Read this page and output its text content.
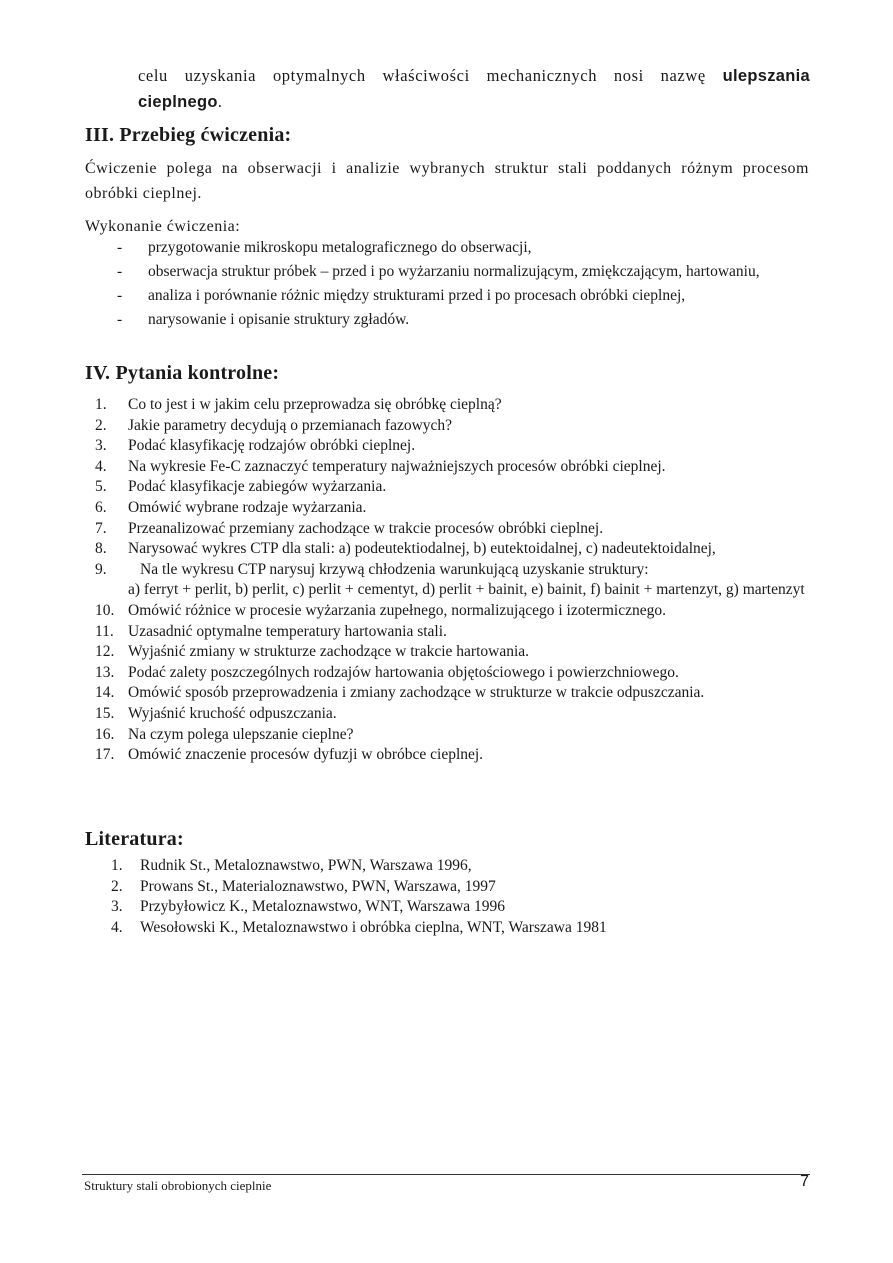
celu uzyskania optymalnych właściwości mechanicznych nosi nazwę ulepszania cieplnego.
III. Przebieg ćwiczenia:
Ćwiczenie polega na obserwacji i analizie wybranych struktur stali poddanych różnym procesom obróbki cieplnej.
Wykonanie ćwiczenia:
- przygotowanie mikroskopu metalograficznego do obserwacji,
- obserwacja struktur próbek – przed i po wyżarzaniu normalizującym, zmiękczającym, hartowaniu,
- analiza i porównanie różnic między strukturami przed i po procesach obróbki cieplnej,
- narysowanie i opisanie struktury zgładów.
IV. Pytania kontrolne:
1.	Co to jest i w jakim celu przeprowadza się obróbkę cieplną?
2.	Jakie parametry decydują o przemianach fazowych?
3.	Podać klasyfikację rodzajów obróbki cieplnej.
4.	Na wykresie Fe-C zaznaczyć temperatury najważniejszych procesów obróbki cieplnej.
5.	Podać klasyfikacje zabiegów wyżarzania.
6.	Omówić wybrane rodzaje wyżarzania.
7.	Przeanalizować przemiany zachodzące w trakcie procesów obróbki cieplnej.
8.	Narysować wykres CTP dla stali: a) podeutektiodalnej, b) eutektoidalnej, c) nadeutektoidalnej,
9.	Na tle wykresu CTP narysuj krzywą chłodzenia warunkującą uzyskanie struktury:
a) ferryt + perlit, b) perlit, c) perlit + cementyt, d) perlit + bainit, e) bainit, f) bainit + martenzyt, g) martenzyt
10. Omówić różnice w procesie wyżarzania zupełnego, normalizującego i izotermicznego.
11. Uzasadnić optymalne temperatury hartowania stali.
12. Wyjaśnić zmiany w strukturze zachodzące w trakcie hartowania.
13. Podać zalety poszczególnych rodzajów hartowania objętościowego i powierzchniowego.
14. Omówić sposób przeprowadzenia i zmiany zachodzące w strukturze w trakcie odpuszczania.
15. Wyjaśnić kruchość odpuszczania.
16. Na czym polega ulepszanie cieplne?
17. Omówić znaczenie procesów dyfuzji w obróbce cieplnej.
Literatura:
1. Rudnik St., Metaloznawstwo, PWN, Warszawa 1996,
2. Prowans St., Materialoznawstwo, PWN, Warszawa, 1997
3. Przybyłowicz K., Metaloznawstwo, WNT, Warszawa 1996
4. Wesołowski K., Metaloznawstwo i obróbka cieplna, WNT, Warszawa 1981
Struktury stali obrobionych cieplnie	7
